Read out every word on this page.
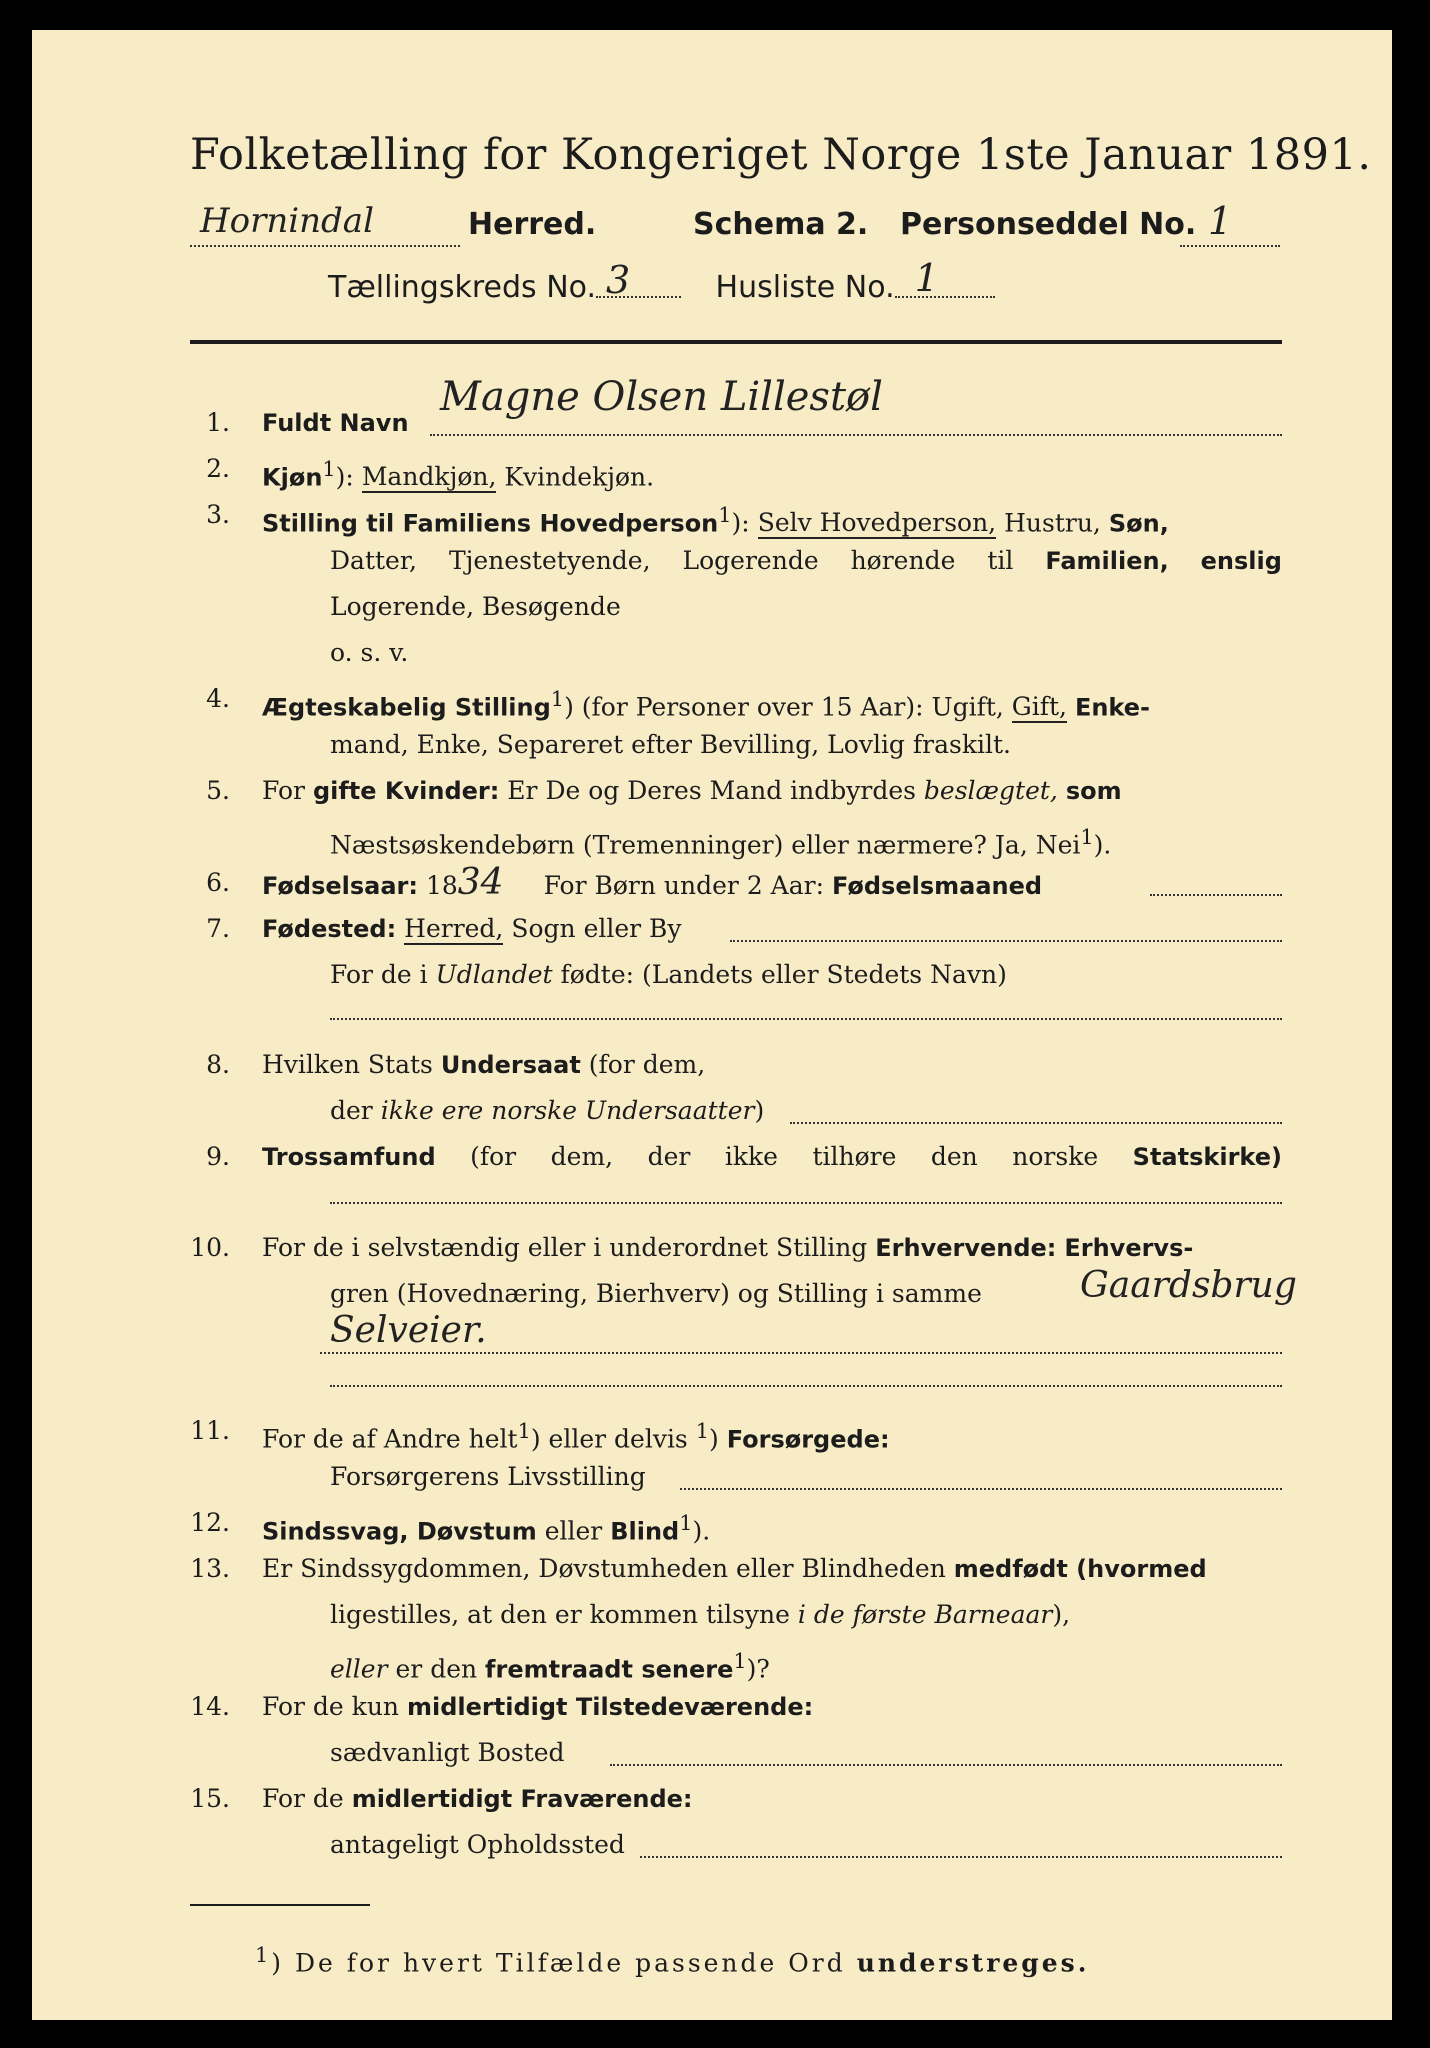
Folketælling for Kongeriget Norge 1ste Januar 1891.
Hornindal	Herred.	Schema 2. Personseddel No. 1
Tællingskreds No. 3	Husliste No. 1

1. Fuldt Navn
Magne Olsen Lillestøl
2. Kjøn$^1$): Mandkjøn, Kvindekjøn.
3. Stilling til Familiens Hovedperson$^1$): Selv Hovedperson, Hustru, Søn,
Datter, Tjenestetyende, Logerende hørende til Familien, enslig
Logerende, Besøgende
o. s. v.
4. Ægteskabelig Stilling$^1$) (for Personer over 15 Aar): Ugift, Gift, Enke-
mand, Enke, Separeret efter Bevilling, Lovlig fraskilt.
5. For gifte Kvinder: Er De og Deres Mand indbyrdes beslægtet, som
Næstsøskendebørn (Tremenninger) eller nærmere? Ja, Nei$^1$).
6. Fødselsaar: 1834 For Børn under 2 Aar: Fødselsmaaned
7. Fødested: Herred, Sogn eller By
For de i Udlandet fødte: (Landets eller Stedets Navn)
8. Hvilken Stats Undersaat (for dem,
der ikke ere norske Undersaatter)
9. Trossamfund (for dem, der ikke tilhøre den norske Statskirke)
10. For de i selvstændig eller i underordnet Stilling Erhvervende: Erhvervs-
gren (Hovednæring, Bierhverv) og Stilling i samme	Gaardsbrug
Selveier.
11. For de af Andre helt$^1$) eller delvis $^1$) Forsørgede:
Forsørgerens Livsstilling
12. Sindssvag, Døvstum eller Blind$^1$).
13. Er Sindssygdommen, Døvstumheden eller Blindheden medfødt (hvormed
ligestilles, at den er kommen tilsyne i de første Barneaar),
eller er den fremtraadt senere$^1$)?
14. For de kun midlertidigt Tilstedeværende:
sædvanligt Bosted
15. For de midlertidigt Fraværende:
antageligt Opholdssted
$^1$) De for hvert Tilfælde passende Ord understreges.
